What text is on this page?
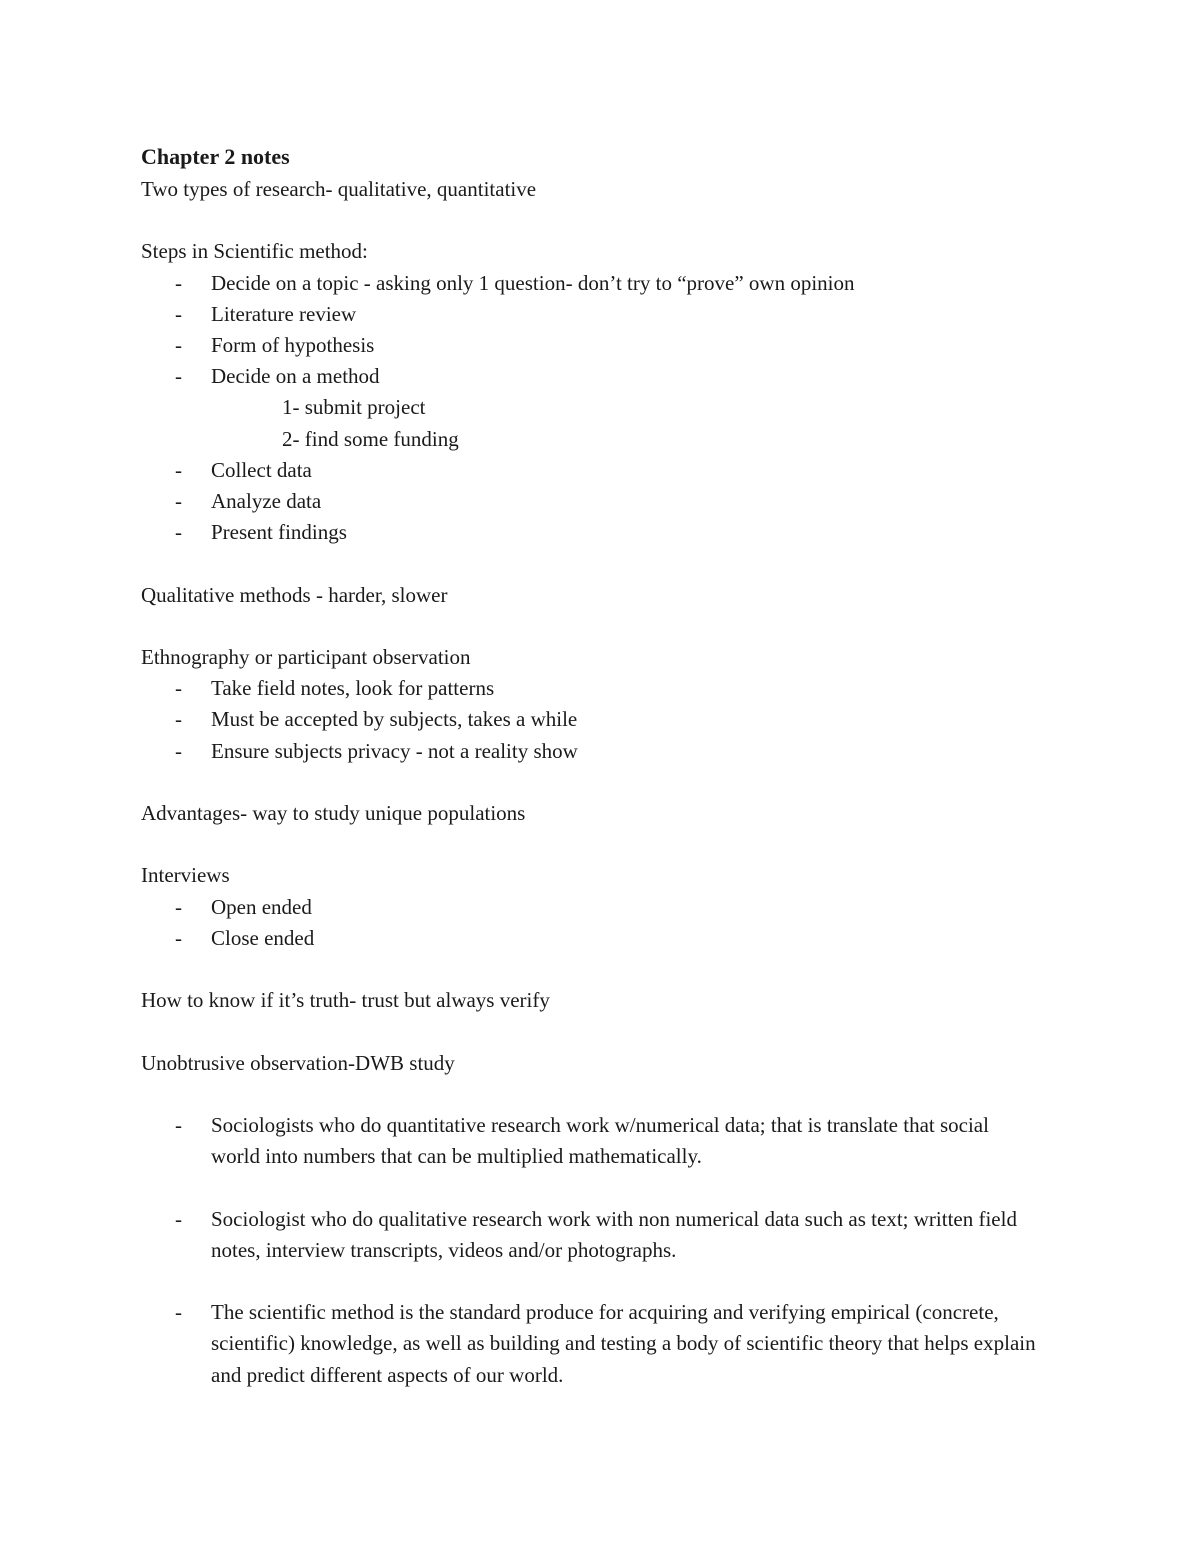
Chapter 2 notes

Two types of research- qualitative, quantitative

Steps in Scientific method:

- Decide on a topic - asking only 1 question- don’t try to “prove” own opinion
- Literature review
- Form of hypothesis
- Decide on a method

1- submit project

2- find some funding

- Collect data
- Analyze data
- Present findings

Qualitative methods - harder, slower

Ethnography or participant observation

- Take field notes, look for patterns
- Must be accepted by subjects, takes a while
- Ensure subjects privacy - not a reality show

Advantages- way to study unique populations

Interviews

- Open ended
- Close ended

How to know if it’s truth- trust but always verify

Unobtrusive observation-DWB study

- Sociologists who do quantitative research work w/numerical data; that is translate that social world into numbers that can be multiplied mathematically.
- Sociologist who do qualitative research work with non numerical data such as text; written field notes, interview transcripts, videos and/or photographs.
- The scientific method is the standard produce for acquiring and verifying empirical (concrete, scientific) knowledge, as well as building and testing a body of scientific theory that helps explain and predict different aspects of our world.
